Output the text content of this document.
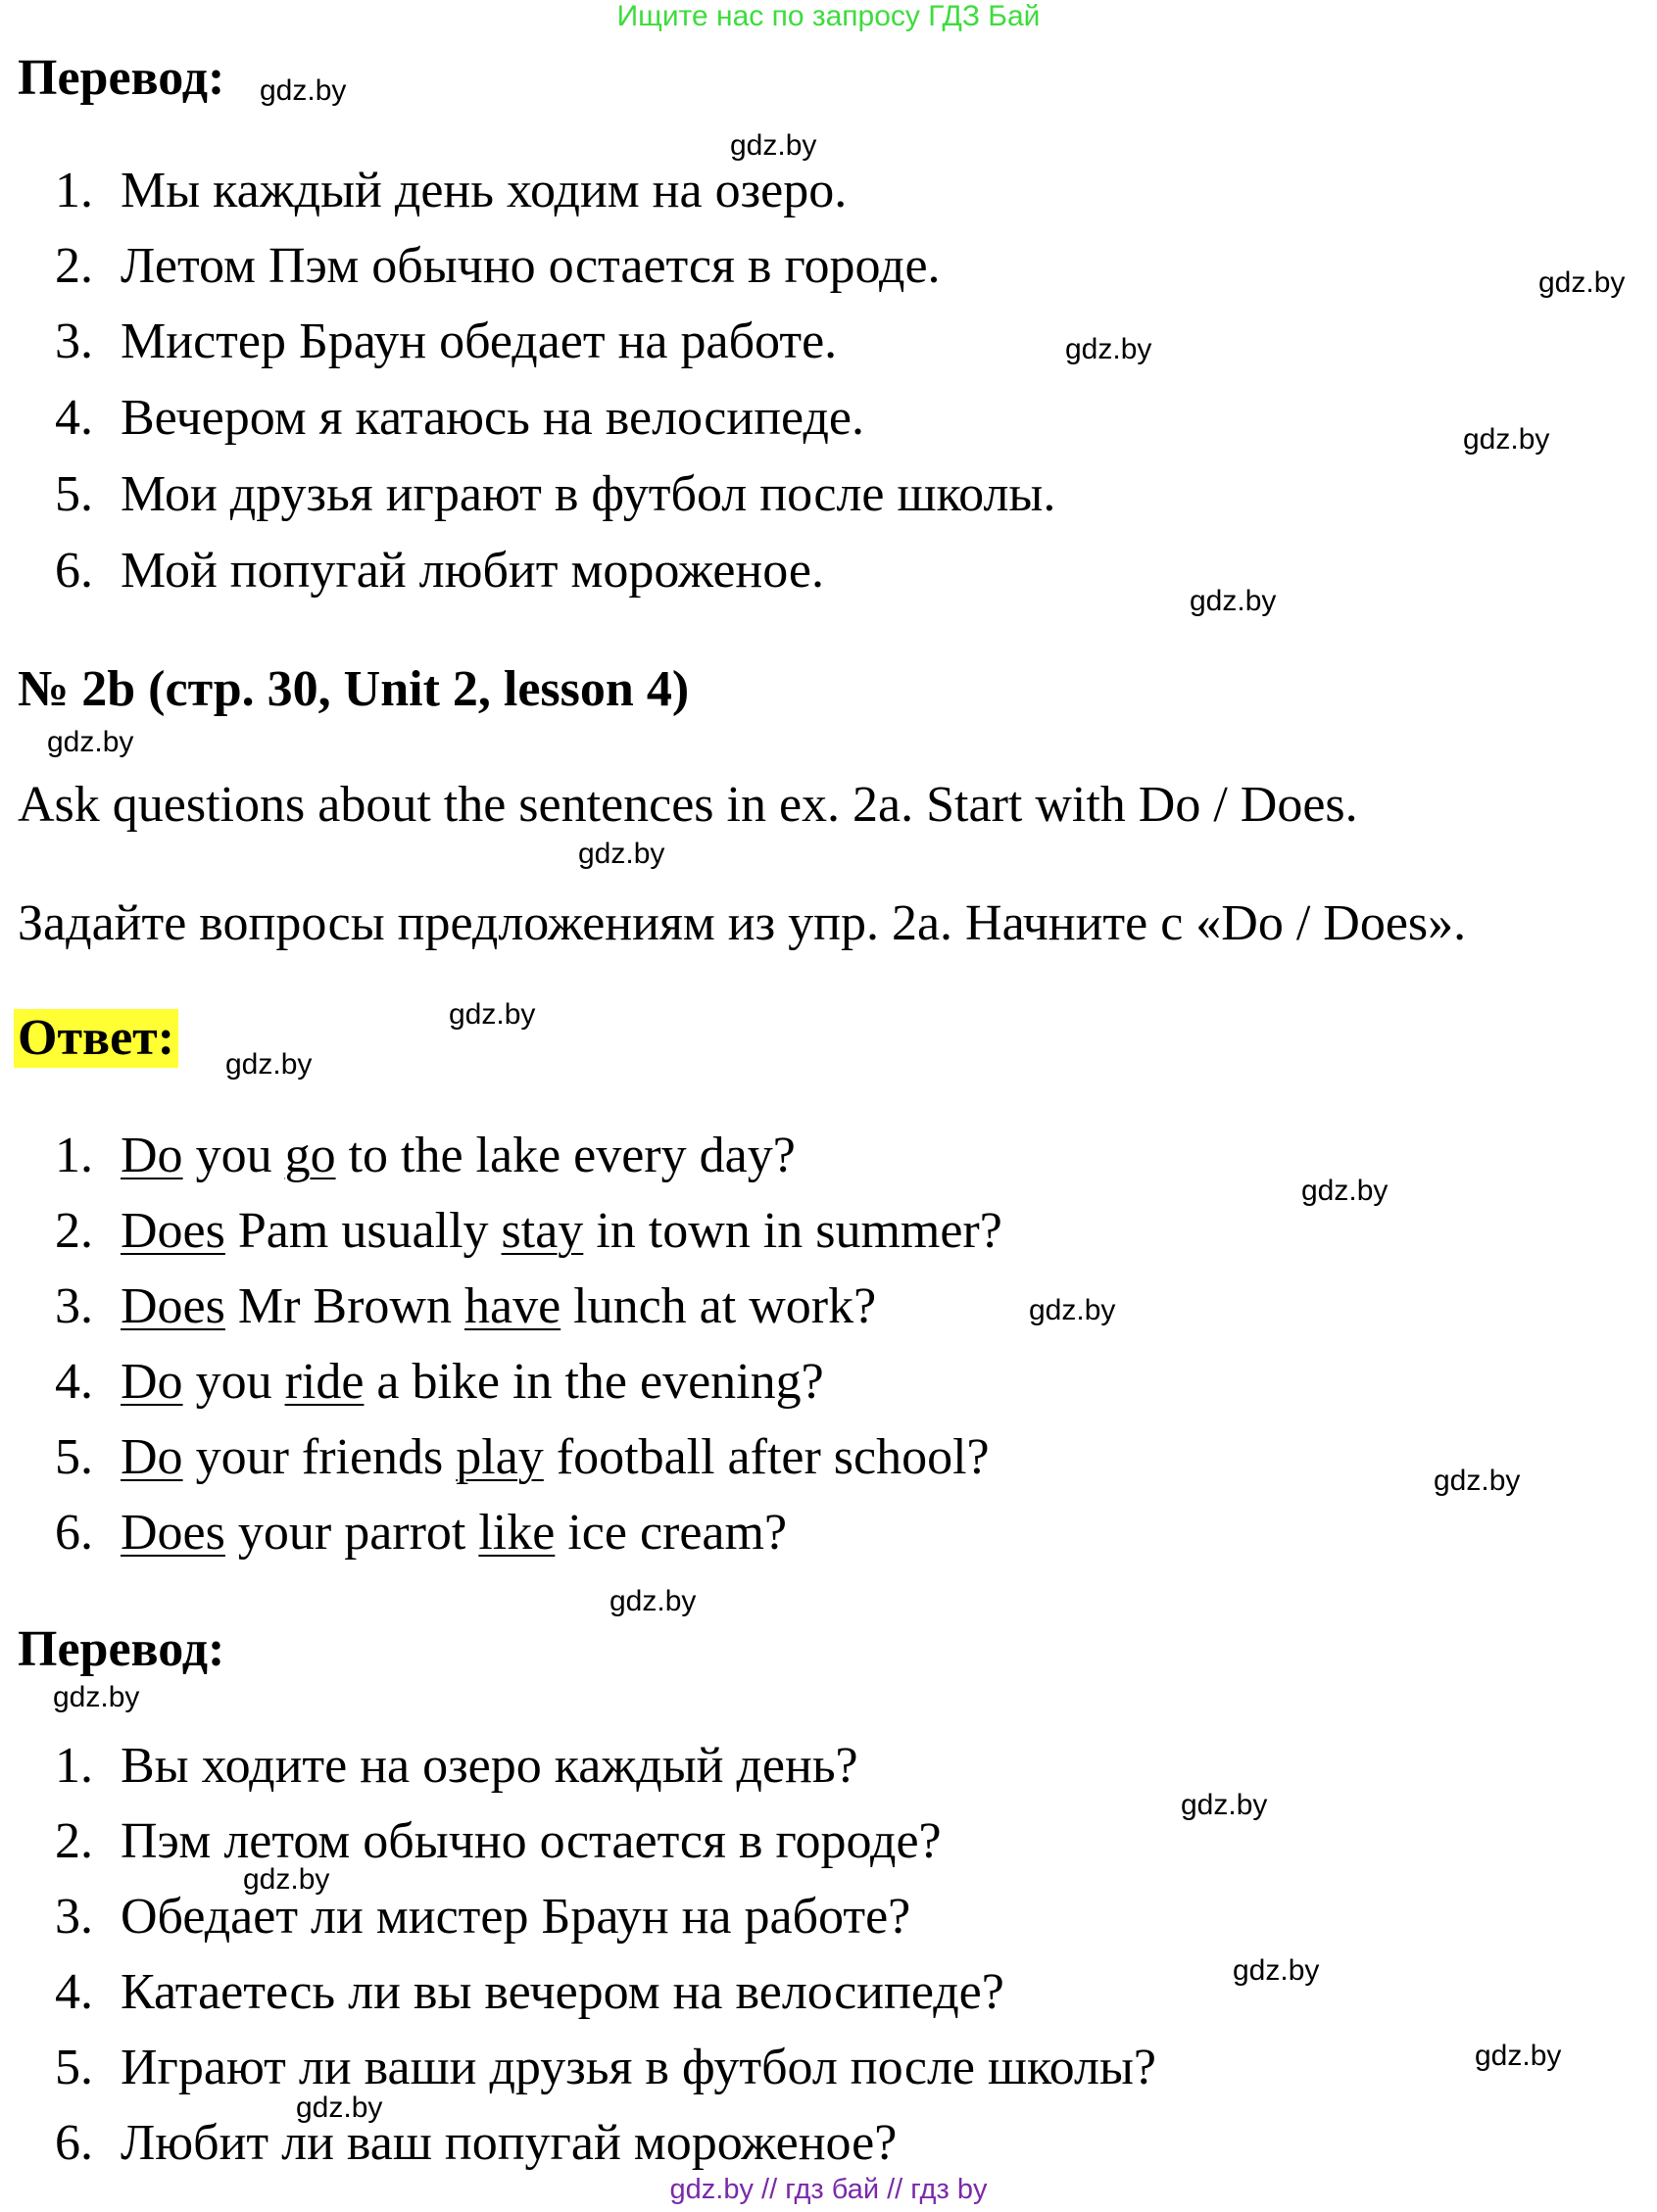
Ищите нас по запросу ГДЗ Бай
Перевод:
1. Мы каждый день ходим на озеро.
2. Летом Пэм обычно остается в городе.
3. Мистер Браун обедает на работе.
4. Вечером я катаюсь на велосипеде.
5. Мои друзья играют в футбол после школы.
6. Мой попугай любит мороженое.
№ 2b (стр. 30, Unit 2, lesson 4)
Ask questions about the sentences in ex. 2a. Start with Do / Does.
Задайте вопросы предложениям из упр. 2a. Начните с «Do / Does».
Ответ:
1. Do you go to the lake every day?
2. Does Pam usually stay in town in summer?
3. Does Mr Brown have lunch at work?
4. Do you ride a bike in the evening?
5. Do your friends play football after school?
6. Does your parrot like ice cream?
Перевод:
1. Вы ходите на озеро каждый день?
2. Пэм летом обычно остается в городе?
3. Обедает ли мистер Браун на работе?
4. Катаетесь ли вы вечером на велосипеде?
5. Играют ли ваши друзья в футбол после школы?
6. Любит ли ваш попугай мороженое?
gdz.by
gdz.by
gdz.by
gdz.by
gdz.by
gdz.by
gdz.by
gdz.by
gdz.by
gdz.by
gdz.by
gdz.by
gdz.by
gdz.by
gdz.by
gdz.by
gdz.by
gdz.by
gdz.by
gdz.by
gdz.by // гдз бай // гдз by
